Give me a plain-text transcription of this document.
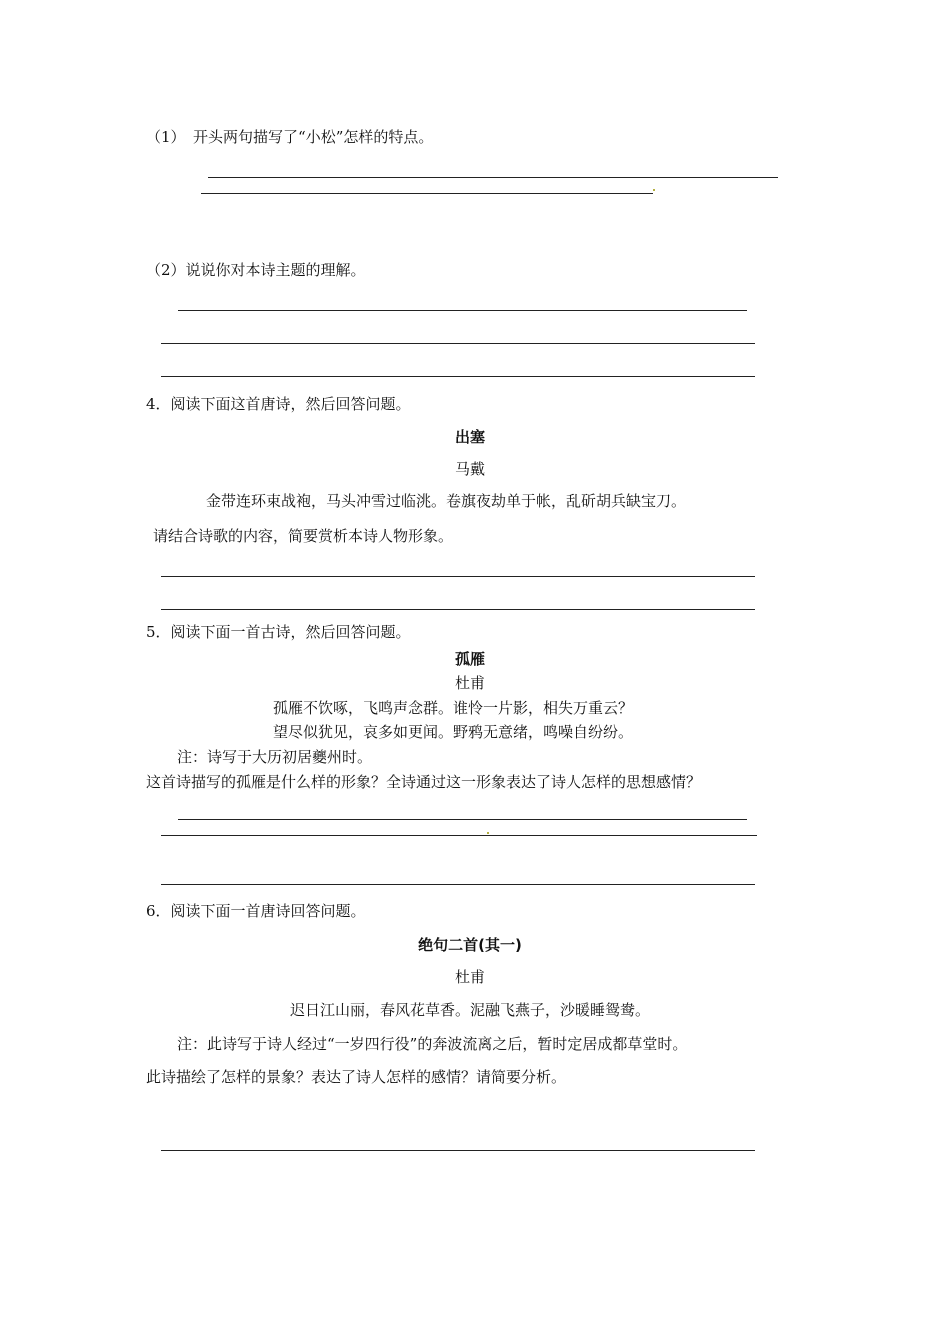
（1）　开头两句描写了“小松”怎样的特点。
（2）说说你对本诗主题的理解。
4．阅读下面这首唐诗，然后回答问题。
出塞
马戴
金带连环束战袍，马头冲雪过临洮。卷旗夜劫单于帐，乱斫胡兵缺宝刀。
请结合诗歌的内容，简要赏析本诗人物形象。
5．阅读下面一首古诗，然后回答问题。
孤雁
杜甫
孤雁不饮啄，飞鸣声念群。谁怜一片影，相失万重云？
望尽似犹见，哀多如更闻。野鸦无意绪，鸣噪自纷纷。
注：诗写于大历初居夔州时。
这首诗描写的孤雁是什么样的形象？全诗通过这一形象表达了诗人怎样的思想感情？
6．阅读下面一首唐诗回答问题。
绝句二首(其一)
杜甫
迟日江山丽，春风花草香。泥融飞燕子，沙暖睡鸳鸯。
注：此诗写于诗人经过“一岁四行役”的奔波流离之后，暂时定居成都草堂时。
此诗描绘了怎样的景象？表达了诗人怎样的感情？请简要分析。
